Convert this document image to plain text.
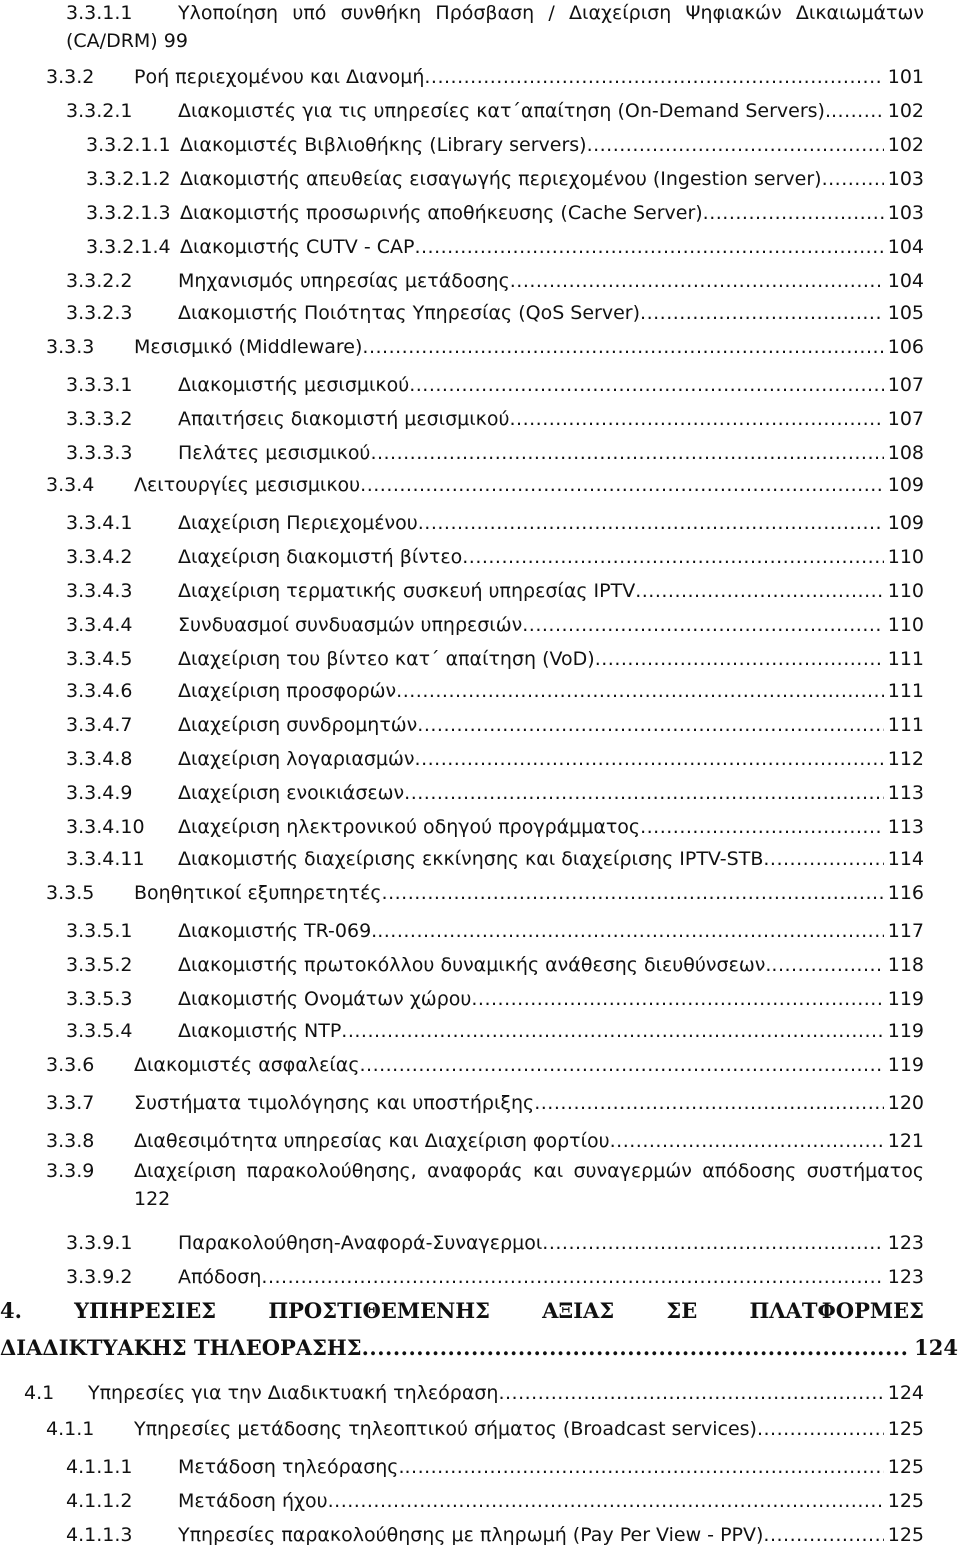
3.3.1.1	Υλοποίηση υπό συνθήκη Πρόσβαση / Διαχείριση Ψηφιακών Δικαιωμάτων
(CA/DRM) 99
3.3.2	Ροή περιεχομένου και Διανομή .....	101
3.3.2.1	Διακομιστές για τις υπηρεσίες κατ΄απαίτηση (On-Demand Servers). .....	102
3.3.2.1.1 Διακομιστές Βιβλιοθήκης (Library servers) .....	102
3.3.2.1.2 Διακομιστής απευθείας εισαγωγής περιεχομένου (Ingestion server) .....	103
3.3.2.1.3 Διακομιστής προσωρινής αποθήκευσης (Cache Server) .....	103
3.3.2.1.4 Διακομιστής CUTV - CAP .....	104
3.3.2.2	Μηχανισμός υπηρεσίας μετάδοσης .....	104
3.3.2.3	Διακομιστής Ποιότητας Υπηρεσίας (QoS Server) .....	105
3.3.3	Μεσισμικό (Middleware) .....	106
3.3.3.1	Διακομιστής μεσισμικού .....	107
3.3.3.2	Απαιτήσεις διακομιστή μεσισμικού .....	107
3.3.3.3	Πελάτες μεσισμικού .....	108
3.3.4	Λειτουργίες μεσισμικου .....	109
3.3.4.1	Διαχείριση Περιεχομένου .....	109
3.3.4.2	Διαχείριση διακομιστή βίντεο .....	110
3.3.4.3	Διαχείριση τερματικής συσκευή υπηρεσίας IPTV .....	110
3.3.4.4	Συνδυασμοί συνδυασμών υπηρεσιών .....	110
3.3.4.5	Διαχείριση του βίντεο κατ΄ απαίτηση (VoD) .....	111
3.3.4.6	Διαχείριση προσφορών .....	111
3.3.4.7	Διαχείριση συνδρομητών .....	111
3.3.4.8	Διαχείριση λογαριασμών .....	112
3.3.4.9	Διαχείριση ενοικιάσεων .....	113
3.3.4.10	Διαχείριση ηλεκτρονικού οδηγού προγράμματος .....	113
3.3.4.11	Διακομιστής διαχείρισης εκκίνησης και διαχείρισης IPTV-STB .....	114
3.3.5	Βοηθητικοί εξυπηρετητές .....	116
3.3.5.1	Διακομιστής TR-069. .....	117
3.3.5.2	Διακομιστής πρωτοκόλλου δυναμικής ανάθεσης διευθύνσεων. .....	118
3.3.5.3	Διακομιστής Ονομάτων χώρου .....	119
3.3.5.4	Διακομιστής NTP .....	119
3.3.6	Διακομιστές ασφαλείας .....	119
3.3.7	Συστήματα τιμολόγησης και υποστήριξης .....	120
3.3.8	Διαθεσιμότητα υπηρεσίας και Διαχείριση φορτίου .....	121
3.3.9	Διαχείριση παρακολούθησης, αναφοράς και συναγερμών απόδοσης συστήματος
122
3.3.9.1	Παρακολούθηση-Αναφορά-Συναγερμοι .....	123
3.3.9.2	Απόδοση .....	123
4. ΥΠΗΡΕΣΙΕΣ ΠΡΟΣΤΙΘΕΜΕΝΗΣ ΑΞΙΑΣ ΣΕ ΠΛΑΤΦΟΡΜΕΣ
ΔΙΑΔΙΚΤΥΑΚΗΣ ΤΗΛΕΟΡΑΣΗΣ .....	124
4.1	Υπηρεσίες για την Διαδικτυακή τηλεόραση .....	124
4.1.1	Υπηρεσίες μετάδοσης τηλεοπτικού σήματος (Broadcast services) .....	125
4.1.1.1	Μετάδοση τηλεόρασης. .....	125
4.1.1.2	Μετάδοση ήχου .....	125
4.1.1.3	Υπηρεσίες παρακολούθησης με πληρωμή (Pay Per View - PPV) .....	125
